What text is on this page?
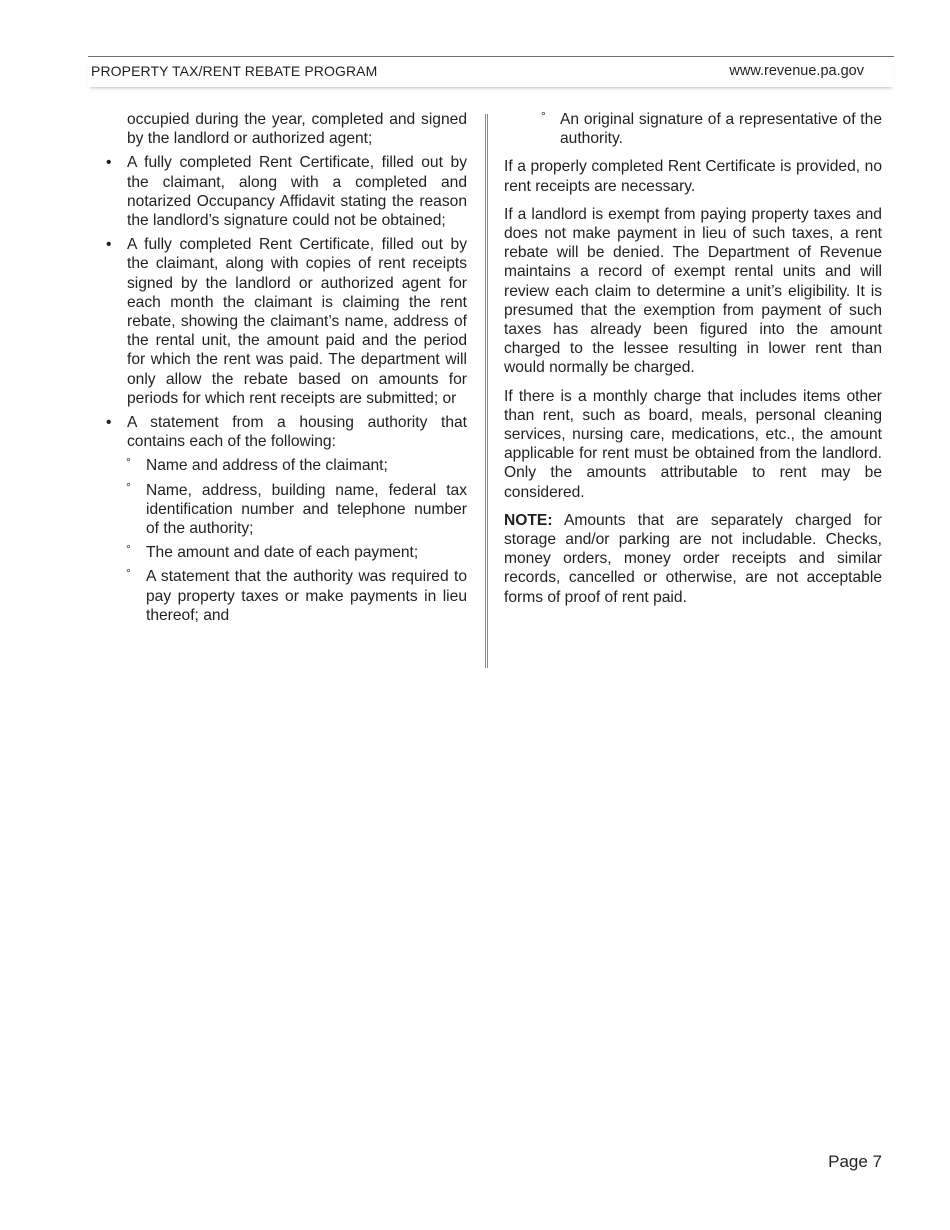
PROPERTY TAX/RENT REBATE PROGRAM	www.revenue.pa.gov

occupied during the year, completed and signed by the landlord or authorized agent;

• A fully completed Rent Certificate, filled out by the claimant, along with a completed and notarized Occupancy Affidavit stating the reason the landlord’s signature could not be obtained;

• A fully completed Rent Certificate, filled out by the claimant, along with copies of rent receipts signed by the landlord or authorized agent for each month the claimant is claiming the rent rebate, showing the claimant’s name, address of the rental unit, the amount paid and the period for which the rent was paid. The department will only allow the rebate based on amounts for periods for which rent receipts are submitted; or

• A statement from a housing authority that contains each of the following:

° Name and address of the claimant;

° Name, address, building name, federal tax identification number and telephone number of the authority;

° The amount and date of each payment;

° A statement that the authority was required to pay property taxes or make payments in lieu thereof; and

° An original signature of a representative of the authority.

If a properly completed Rent Certificate is provided, no rent receipts are necessary.

If a landlord is exempt from paying property taxes and does not make payment in lieu of such taxes, a rent rebate will be denied. The Department of Revenue maintains a record of exempt rental units and will review each claim to determine a unit’s eligibility. It is presumed that the exemption from payment of such taxes has already been figured into the amount charged to the lessee resulting in lower rent than would normally be charged.

If there is a monthly charge that includes items other than rent, such as board, meals, personal cleaning services, nursing care, medications, etc., the amount applicable for rent must be obtained from the landlord. Only the amounts attributable to rent may be considered.

NOTE: Amounts that are separately charged for storage and/or parking are not includable. Checks, money orders, money order receipts and similar records, cancelled or otherwise, are not acceptable forms of proof of rent paid.

Page 7
